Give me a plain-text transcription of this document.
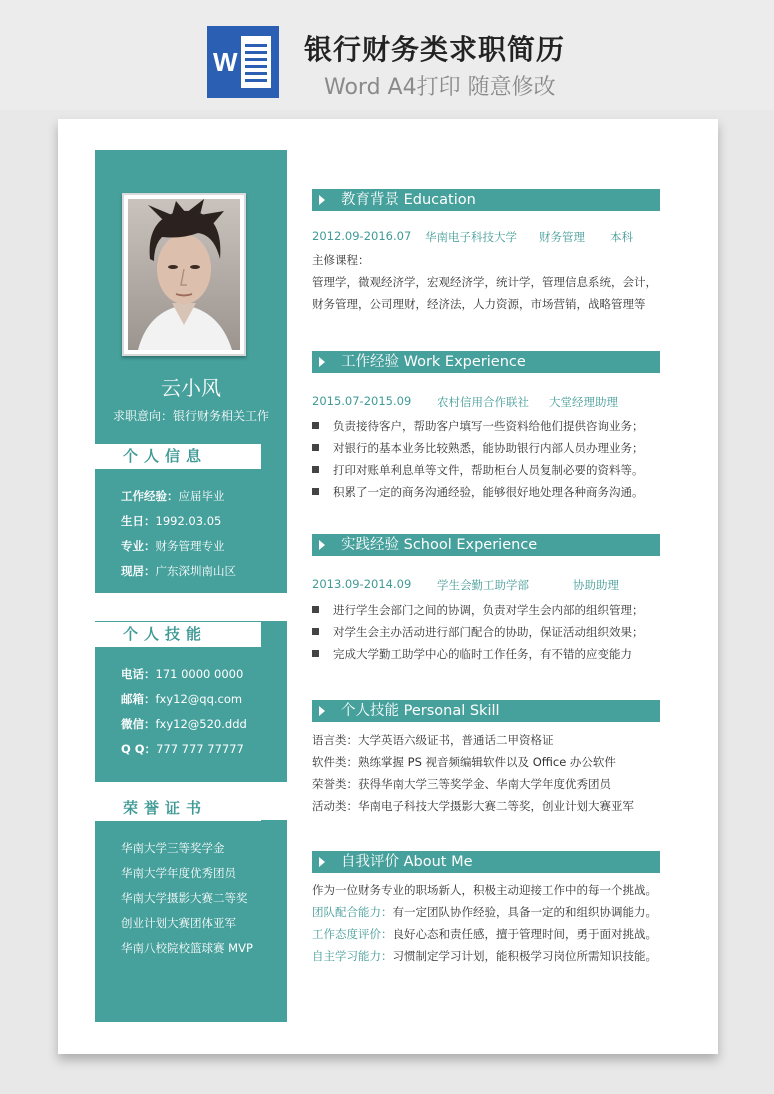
W 银行财务类求职简历
Word A4打印 随意修改
云小风
求职意向：银行财务相关工作
个人信息
工作经验：应届毕业
生日：1992.03.05
专业：财务管理专业
现居：广东深圳南山区
个人技能
电话：171 0000 0000
邮箱：fxy12@qq.com
微信：fxy12@520.ddd
Q Q：777 777 77777
荣誉证书
华南大学三等奖学金
华南大学年度优秀团员
华南大学摄影大赛二等奖
创业计划大赛团体亚军
华南八校院校篮球赛 MVP
教育背景 Education
2012.09-2016.07 华南电子科技大学 财务管理 本科
主修课程：
管理学，微观经济学，宏观经济学，统计学，管理信息系统，会计，
财务管理，公司理财，经济法，人力资源，市场营销，战略管理等
工作经验 Work Experience
2015.07-2015.09 农村信用合作联社 大堂经理助理
负责接待客户，帮助客户填写一些资料给他们提供咨询业务；
对银行的基本业务比较熟悉，能协助银行内部人员办理业务；
打印对账单利息单等文件，帮助柜台人员复制必要的资料等。
积累了一定的商务沟通经验，能够很好地处理各种商务沟通。
实践经验 School Experience
2013.09-2014.09 学生会勤工助学部	协助助理
进行学生会部门之间的协调，负责对学生会内部的组织管理；
对学生会主办活动进行部门配合的协助，保证活动组织效果；
完成大学勤工助学中心的临时工作任务，有不错的应变能力
个人技能 Personal Skill
语言类：大学英语六级证书，普通话二甲资格证
软件类：熟练掌握 PS 视音频编辑软件以及 Office 办公软件
荣誉类：获得华南大学三等奖学金、华南大学年度优秀团员
活动类：华南电子科技大学摄影大赛二等奖，创业计划大赛亚军
自我评价 About Me
作为一位财务专业的职场新人，积极主动迎接工作中的每一个挑战。
团队配合能力：有一定团队协作经验，具备一定的和组织协调能力。
工作态度评价：良好心态和责任感，擅于管理时间，勇于面对挑战。
自主学习能力：习惯制定学习计划，能积极学习岗位所需知识技能。
